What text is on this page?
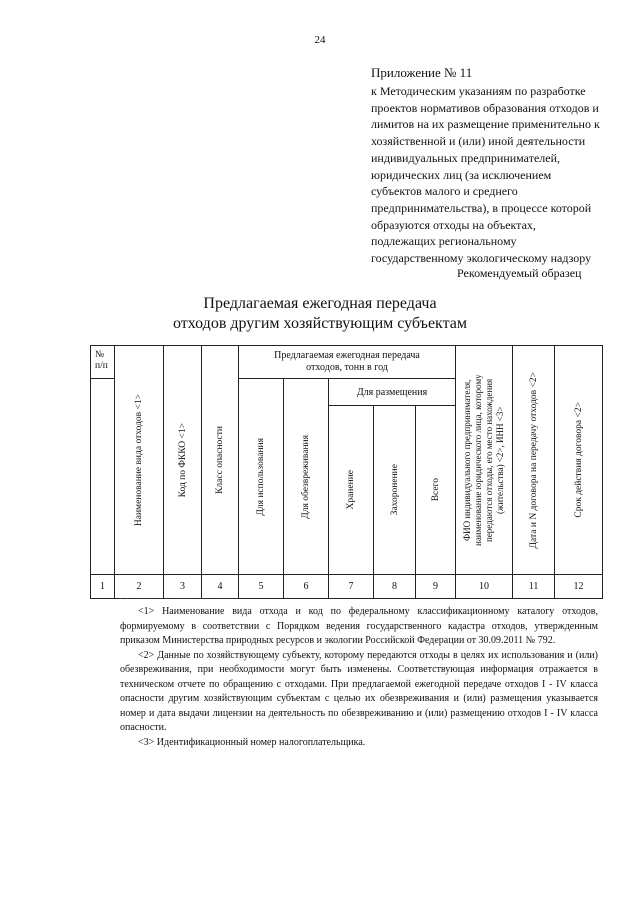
24
Приложение № 11
к Методическим указаниям по разработке проектов нормативов образования отходов и лимитов на их размещение применительно к хозяйственной и (или) иной деятельности индивидуальных предпринимателей, юридических лиц (за исключением субъектов малого и среднего предпринимательства), в процессе которой образуются отходы на объектах, подлежащих региональному государственному экологическому надзору
Рекомендуемый образец
Предлагаемая ежегодная передача
отходов другим хозяйствующим субъектам
№ п/п	Наименование вида отходов <1>	Код по ФККО <1>	Класс опасности	Предлагаемая ежегодная передача отходов, тонн в год					ФИО индивидуального предпринимателя, наименование юридического лица, которому передаются отходы, его место нахождения (жительства) <2>, ИНН <3>	Дата и N договора на передачу отходов <2>	Срок действия договора <2>

				Для использования	Для обезвреживания	Для размещения					

						Хранение	Захоронение	Всего			

1	2	3	4	5	6	7	8	9	10	11	12

<1> Наименование вида отхода и код по федеральному классификационному каталогу отходов, формируемому в соответствии с Порядком ведения государственного кадастра отходов, утвержденным приказом Министерства природных ресурсов и экологии Российской Федерации от 30.09.2011 № 792.

<2> Данные по хозяйствующему субъекту, которому передаются отходы в целях их использования и (или) обезвреживания, при необходимости могут быть изменены. Соответствующая информация отражается в техническом отчете по обращению с отходами. При предлагаемой ежегодной передаче отходов I - IV класса опасности другим хозяйствующим субъектам с целью их обезвреживания и (или) размещения указывается номер и дата выдачи лицензии на деятельность по обезвреживанию и (или) размещению отходов I - IV класса опасности.

<3> Идентификационный номер налогоплательщика.
